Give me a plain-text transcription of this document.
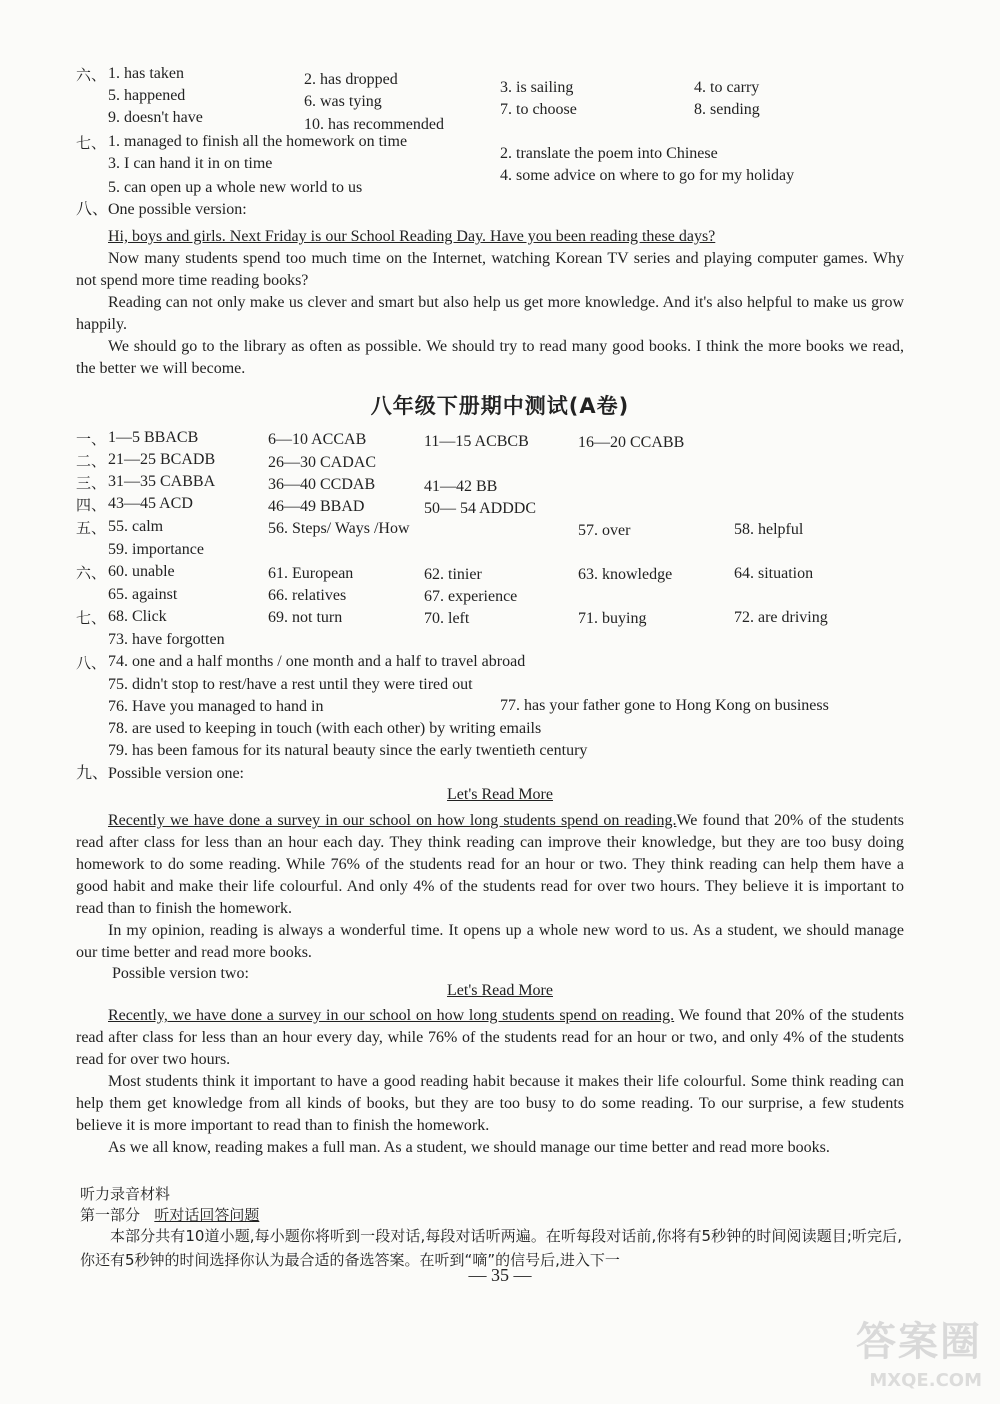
六、 1. has taken	2. has dropped	3. is sailing	4. to carry
5. happened	6. was tying	7. to choose	8. sending
9. doesn't have	10. has recommended
七、 1. managed to finish all the homework on time
2. translate the poem into Chinese
3. I can hand it in on time
4. some advice on where to go for my holiday
5. can open up a whole new world to us
八、One possible version:

Hi, boys and girls. Next Friday is our School Reading Day. Have you been reading these days?

Now many students spend too much time on the Internet, watching Korean TV series and playing computer games. Why not spend more time reading books?

Reading can not only make us clever and smart but also help us get more knowledge. And it's also helpful to make us grow happily.

We should go to the library as often as possible. We should try to read many good books. I think the more books we read, the better we will become.

八年级下册期中测试(A卷)
一、 1—5 BBACB	6—10 ACCAB	11—15 ACBCB	16—20 CCABB
二、 21—25 BCADB	26—30 CADAC
三、 31—35 CABBA	36—40 CCDAB	41—42 BB
四、 43—45 ACD	46—49 BBAD	50— 54 ADDDC
五、 55. calm	56. Steps/ Ways /How	57. over	58. helpful
59. importance
六、 60. unable	61. European	62. tinier	63. knowledge	64. situation
65. against	66. relatives	67. experience
七、 68. Click	69. not turn	70. left	71. buying	72. are driving
73. have forgotten
八、 74. one and a half months / one month and a half to travel abroad
75. didn't stop to rest/have a rest until they were tired out
76. Have you managed to hand in	77. has your father gone to Hong Kong on business
78. are used to keeping in touch (with each other) by writing emails
79. has been famous for its natural beauty since the early twentieth century
九、Possible version one:
Let's Read More

Recently we have done a survey in our school on how long students spend on reading.We found that 20% of the students read after class for less than an hour each day. They think reading can improve their knowledge, but they are too busy doing homework to do some reading. While 76% of the students read for an hour or two. They think reading can help them have a good habit and make their life colourful. And only 4% of the students read for over two hours. They believe it is important to read than to finish the homework.

In my opinion, reading is always a wonderful time. It opens up a whole new word to us. As a student, we should manage our time better and read more books.

Possible version two:
Let's Read More

Recently, we have done a survey in our school on how long students spend on reading. We found that 20% of the students read after class for less than an hour every day, while 76% of the students read for an hour or two, and only 4% of the students read for over two hours.

Most students think it important to have a good reading habit because it makes their life colourful. Some think reading can help them get knowledge from all kinds of books, but they are too busy to do some reading. To our surprise, a few students believe it is more important to read than to finish the homework.

As we all know, reading makes a full man. As a student, we should manage our time better and read more books.

听力录音材料
第一部分 听对话回答问题
本部分共有10道小题,每小题你将听到一段对话,每段对话听两遍。在听每段对话前,你将有5秒钟的时间阅读题目;听完后,你还有5秒钟的时间选择你认为最合适的备选答案。在听到“嘀”的信号后,进入下一
— 35 —
答案圈
MXQE.COM
